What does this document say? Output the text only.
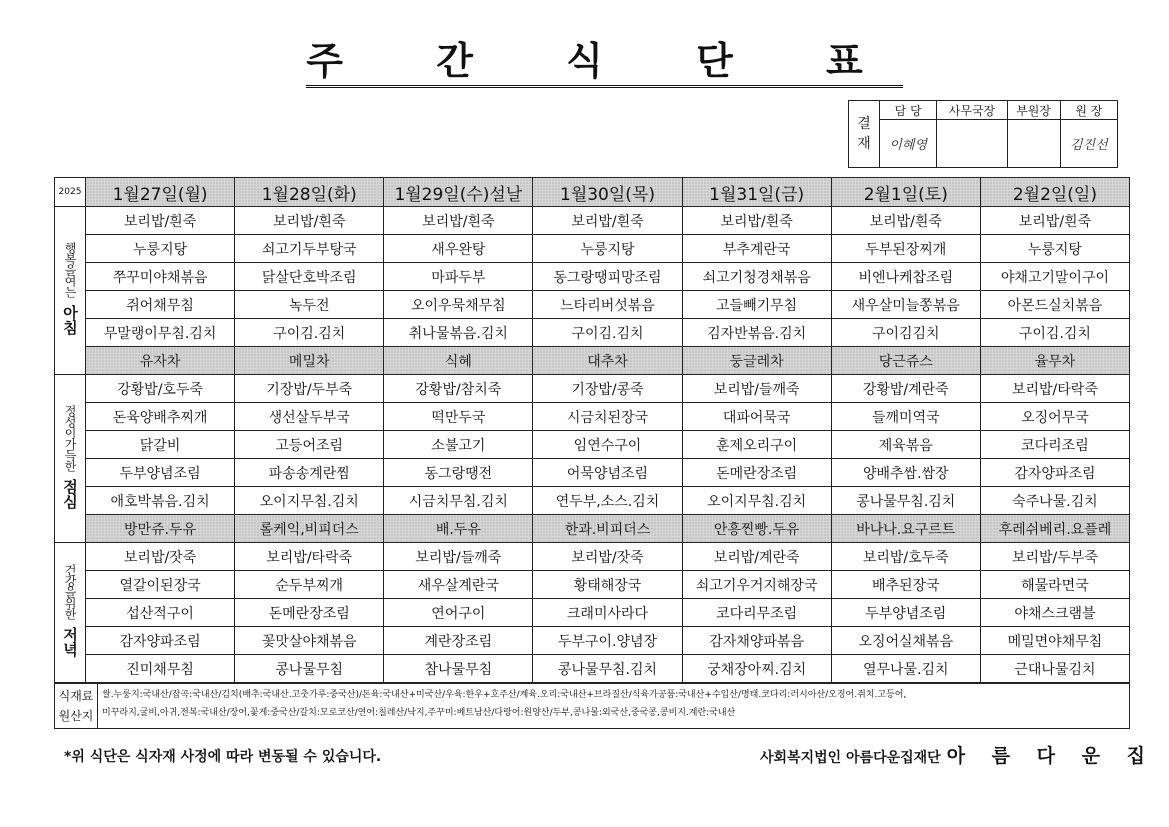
주 간 식 단 표
결
재	담 당	사무국장	부원장	원 장
	이혜영			김진선
2025	1월27일(월)	1월28일(화)	1월29일(수)설날	1월30일(목)	1월31일(금)	2월1일(토)	2월2일(일)
행복을여는
아침	보리밥/흰죽	보리밥/흰죽	보리밥/흰죽	보리밥/흰죽	보리밥/흰죽	보리밥/흰죽	보리밥/흰죽
	누룽지탕	쇠고기두부탕국	새우완탕	누룽지탕	부추계란국	두부된장찌개	누룽지탕
	쭈꾸미야채볶음	닭살단호박조림	마파두부	동그랑땡피망조림	쇠고기청경채볶음	비엔나케찹조림	야채고기말이구이
	쥐어채무침	녹두전	오이우묵채무침	느타리버섯볶음	고들빼기무침	새우살미늘쫑볶음	아몬드실치볶음
	무말랭이무침.김치	구이김.김치	취나물볶음.김치	구이김.김치	김자반볶음.김치	구이김김치	구이김.김치
	유자차	메밀차	식혜	대추차	둥글레차	당근쥬스	율무차
정성이가득한
점심	강황밥/호두죽	기장밥/두부죽	강황밥/참치죽	기장밥/콩죽	보리밥/들깨죽	강황밥/계란죽	보리밥/타락죽
	돈육양배추찌개	생선살두부국	떡만두국	시금치된장국	대파어묵국	들깨미역국	오징어무국
	닭갈비	고등어조림	소불고기	임연수구이	훈제오리구이	제육볶음	코다리조림
	두부양념조림	파송송계란찜	동그랑땡전	어묵양념조림	돈메란장조림	양배추쌈.쌈장	감자양파조림
	애호박볶음.김치	오이지무침.김치	시금치무침.김치	연두부,소스.김치	오이지무침.김치	콩나물무침.김치	숙주나물.김치
	방만쥬.두유	롤케익,비피더스	배.두유	한과.비피더스	안흥찐빵.두유	바나나.요구르트	후레쉬베리.요플레
건강을위한
저녁	보리밥/잣죽	보리밥/타락죽	보리밥/들깨죽	보리밥/잣죽	보리밥/계란죽	보리밥/호두죽	보리밥/두부죽
	열갈이된장국	순두부찌개	새우살계란국	황태해장국	쇠고기우거지해장국	배추된장국	해물라면국
	섭산적구이	돈메란장조림	연어구이	크래미사라다	코다리무조림	두부양념조림	야채스크램블
	감자양파조림	꽃맛살야채볶음	계란장조림	두부구이.양념장	감자채양파볶음	오징어실채볶음	메밀면야채무침
	진미채무침	콩나물무침	참나물무침	콩나물무침.김치	궁채장아찌.김치	열무나물.김치	근대나물김치
식재료
원산지	쌀.누룽지:국내산/잡곡:국내산/김치(배추:국내산.고춧가루:중국산)/돈육:국내산+미국산/우육:한우+호주산/계육.오리:국내산+브라질산/식육가공품:국내산+수입산/명태.코다리:러시아산/오징어.쥐치.고등어,
미꾸라지,굴비,아귀,전복:국내산/장어,꽃게:중국산/갈치:모로코산/연어:칠레산/낙지,주꾸미:베트남산/다랑어:원양산/두부,콩나물:외국산,중국콩,콩비지.계란:국내산
*위 식단은 식자재 사정에 따라 변동될 수 있습니다.	사회복지법인 아름다운집재단 아 름 다 운 집
